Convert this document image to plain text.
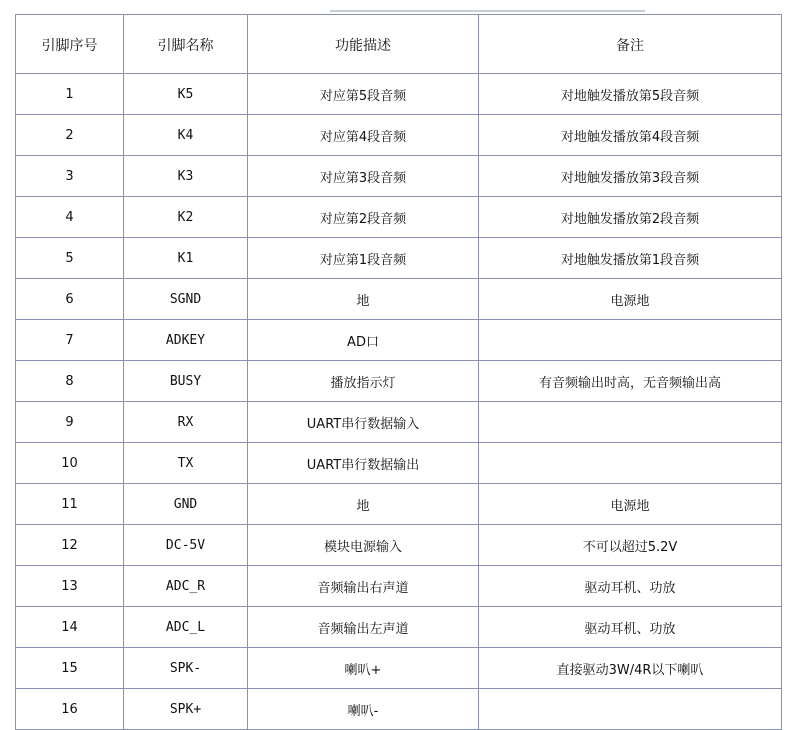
引脚序号	引脚名称	功能描述	备注
1	K5	对应第5段音频	对地触发播放第5段音频
2	K4	对应第4段音频	对地触发播放第4段音频
3	K3	对应第3段音频	对地触发播放第3段音频
4	K2	对应第2段音频	对地触发播放第2段音频
5	K1	对应第1段音频	对地触发播放第1段音频
6	SGND	地	电源地
7	ADKEY	AD口	
8	BUSY	播放指示灯	有音频输出时高，无音频输出高
9	RX	UART串行数据输入	
10	TX	UART串行数据输出	
11	GND	地	电源地
12	DC-5V	模块电源输入	不可以超过5.2V
13	ADC_R	音频输出右声道	驱动耳机、功放
14	ADC_L	音频输出左声道	驱动耳机、功放
15	SPK-	喇叭+	直接驱动3W/4R以下喇叭
16	SPK+	喇叭-	
